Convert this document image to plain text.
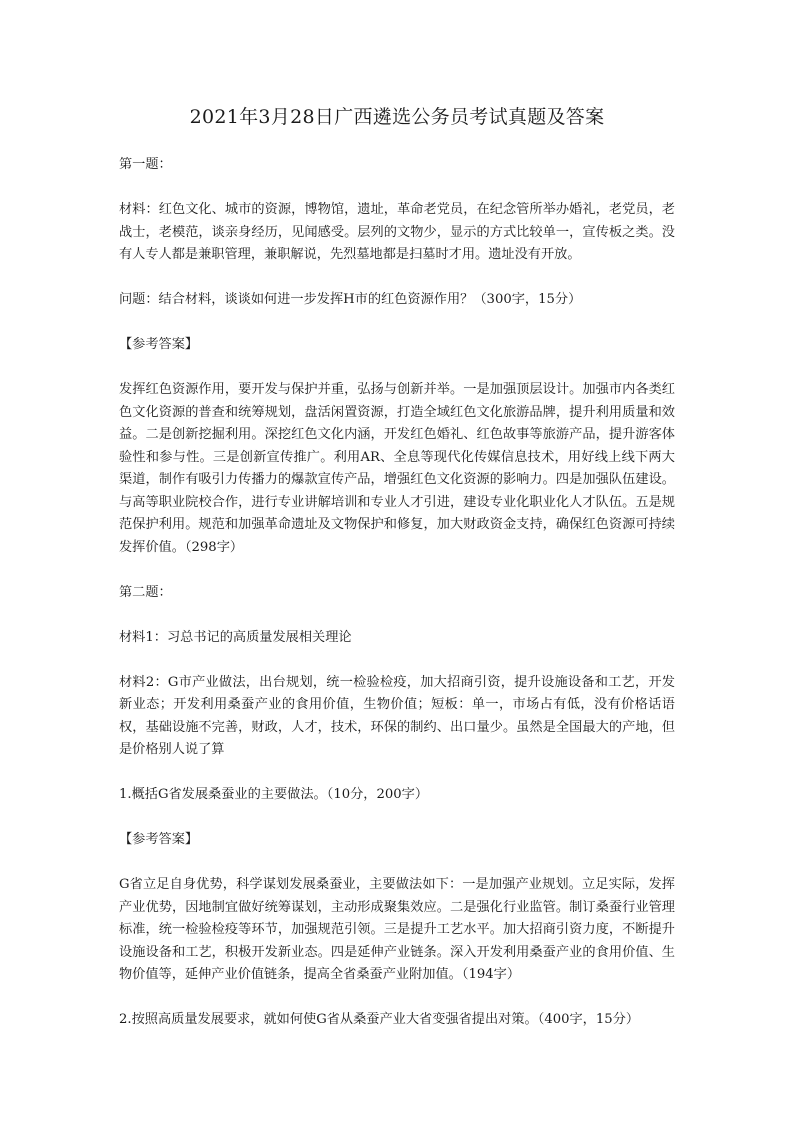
2021年3月28日广西遴选公务员考试真题及答案

第一题：

材料：红色文化、城市的资源，博物馆，遗址，革命老党员，在纪念管所举办婚礼，老党员，老战士，老模范，谈亲身经历，见闻感受。层列的文物少，显示的方式比较单一，宣传板之类。没有人专人都是兼职管理，兼职解说，先烈墓地都是扫墓时才用。遗址没有开放。

问题：结合材料，谈谈如何进一步发挥H市的红色资源作用？（300字，15分）

【参考答案】

发挥红色资源作用，要开发与保护并重，弘扬与创新并举。一是加强顶层设计。加强市内各类红色文化资源的普查和统筹规划，盘活闲置资源，打造全域红色文化旅游品牌，提升利用质量和效益。二是创新挖掘利用。深挖红色文化内涵，开发红色婚礼、红色故事等旅游产品，提升游客体验性和参与性。三是创新宣传推广。利用AR、全息等现代化传媒信息技术，用好线上线下两大渠道，制作有吸引力传播力的爆款宣传产品，增强红色文化资源的影响力。四是加强队伍建设。与高等职业院校合作，进行专业讲解培训和专业人才引进，建设专业化职业化人才队伍。五是规范保护利用。规范和加强革命遗址及文物保护和修复，加大财政资金支持，确保红色资源可持续发挥价值。（298字）

第二题：

材料1：习总书记的高质量发展相关理论

材料2：G市产业做法，出台规划，统一检验检疫，加大招商引资，提升设施设备和工艺，开发新业态；开发利用桑蚕产业的食用价值，生物价值；短板：单一，市场占有低，没有价格话语权，基础设施不完善，财政，人才，技术，环保的制约、出口量少。虽然是全国最大的产地，但是价格别人说了算

1.概括G省发展桑蚕业的主要做法。（10分，200字）

【参考答案】

G省立足自身优势，科学谋划发展桑蚕业，主要做法如下：一是加强产业规划。立足实际，发挥产业优势，因地制宜做好统筹谋划，主动形成聚集效应。二是强化行业监管。制订桑蚕行业管理标准，统一检验检疫等环节，加强规范引领。三是提升工艺水平。加大招商引资力度，不断提升设施设备和工艺，积极开发新业态。四是延伸产业链条。深入开发利用桑蚕产业的食用价值、生物价值等，延伸产业价值链条，提高全省桑蚕产业附加值。（194字）

2.按照高质量发展要求，就如何使G省从桑蚕产业大省变强省提出对策。（400字，15分）
